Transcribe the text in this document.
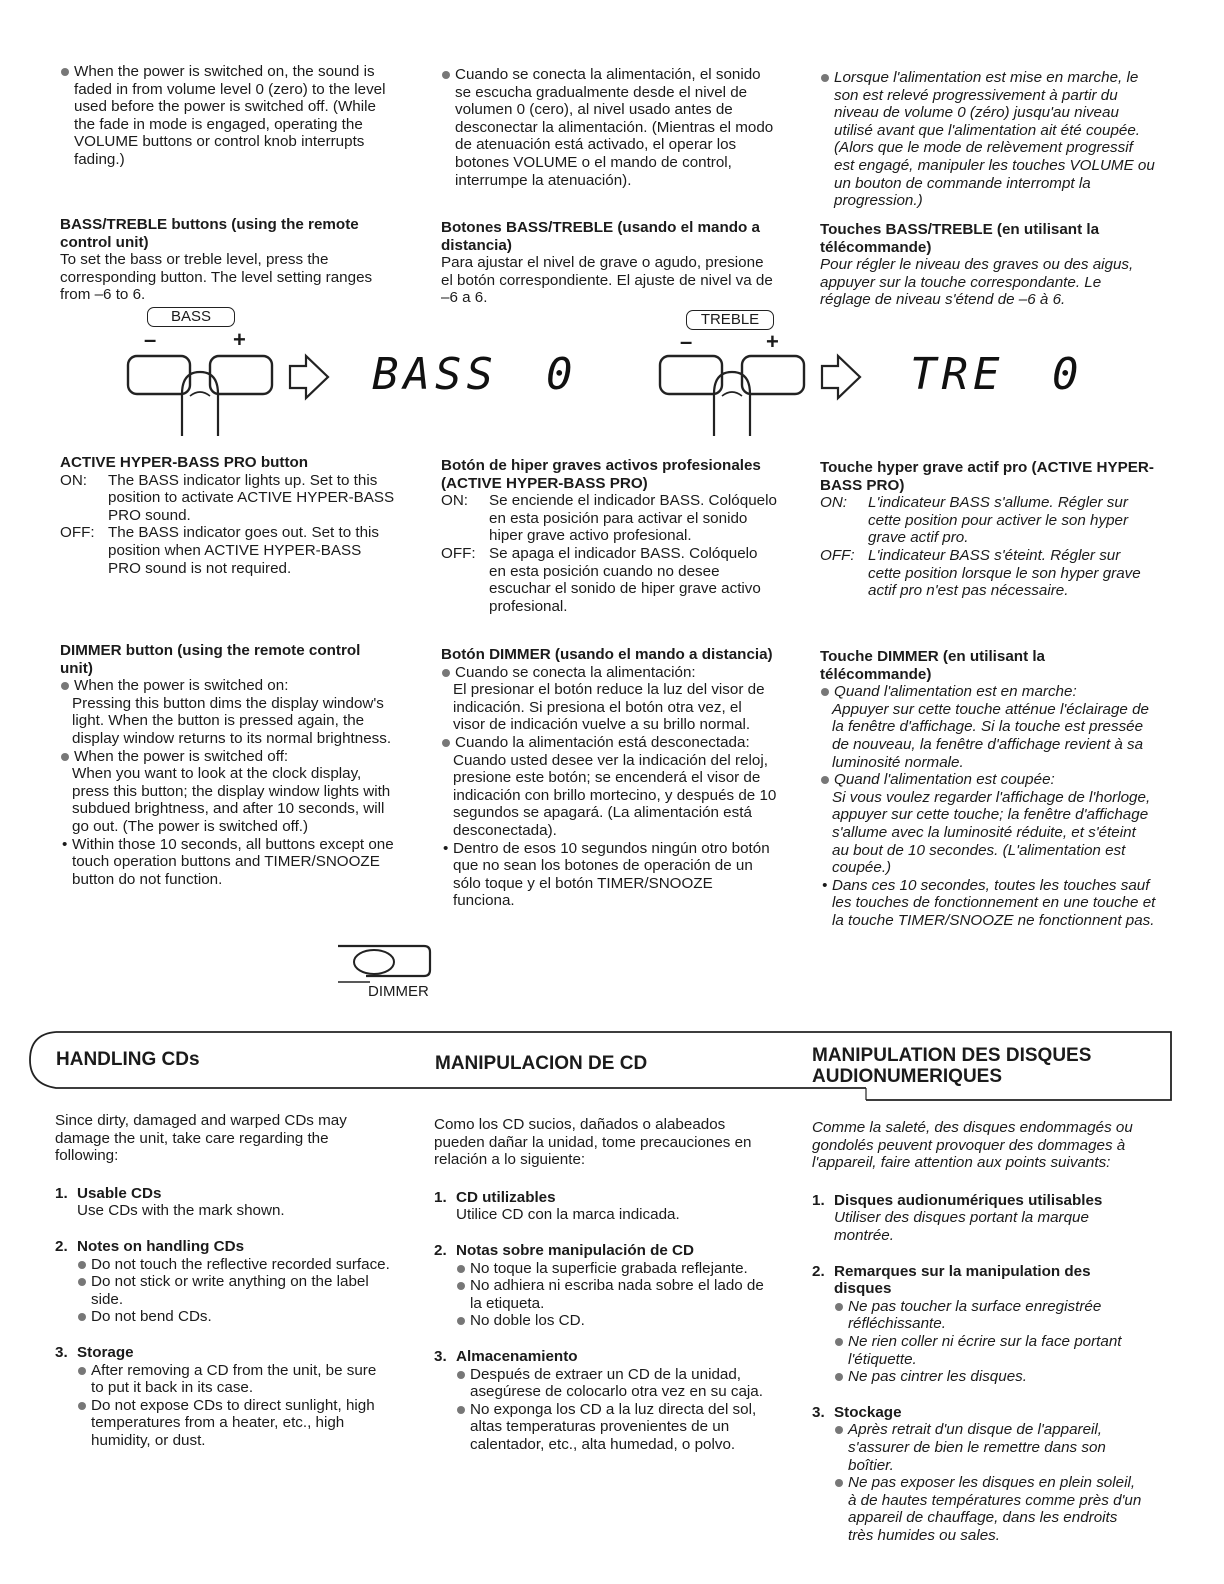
When the power is switched on, the sound is faded in from volume level 0 (zero) to the level used before the power is switched off. (While the fade in mode is engaged, operating the VOLUME buttons or control knob interrupts fading.)

Cuando se conecta la alimentación, el sonido se escucha gradualmente desde el nivel de volumen 0 (cero), al nivel usado antes de desconectar la alimentación. (Mientras el modo de atenuación está activado, el operar los botones VOLUME o el mando de control, interrumpe la atenuación).

Lorsque l'alimentation est mise en marche, le son est relevé progressivement à partir du niveau de volume 0 (zéro) jusqu'au niveau utilisé avant que l'alimentation ait été coupée. (Alors que le mode de relèvement progressif est engagé, manipuler les touches VOLUME ou un bouton de commande interrompt la progression.)

BASS/TREBLE buttons (using the remote control unit)

To set the bass or treble level, press the corresponding button. The level setting ranges from –6 to 6.

Botones BASS/TREBLE (usando el mando a distancia)

Para ajustar el nivel de grave o agudo, presione el botón correspondiente. El ajuste de nivel va de –6 a 6.

Touches BASS/TREBLE (en utilisant la télécommande)

Pour régler le niveau des graves ou des aigus, appuyer sur la touche correspondante. Le réglage de niveau s'étend de –6 à 6.

BASS
–	+
BASS 0
TREBLE
–	+
TRE 0

ACTIVE HYPER-BASS PRO button

ON:	The BASS indicator lights up. Set to this position to activate ACTIVE HYPER-BASS PRO sound.
OFF: The BASS indicator goes out. Set to this position when ACTIVE HYPER-BASS PRO sound is not required.

Botón de hiper graves activos profesionales (ACTIVE HYPER-BASS PRO)

ON:	Se enciende el indicador BASS. Colóquelo en esta posición para activar el sonido hiper grave activo profesional.
OFF: Se apaga el indicador BASS. Colóquelo en esta posición cuando no desee escuchar el sonido de hiper grave activo profesional.

Touche hyper grave actif pro (ACTIVE HYPER-BASS PRO)

ON:	L'indicateur BASS s'allume. Régler sur cette position pour activer le son hyper grave actif pro.
OFF: L'indicateur BASS s'éteint. Régler sur cette position lorsque le son hyper grave actif pro n'est pas nécessaire.

DIMMER button (using the remote control unit)

When the power is switched on:

Pressing this button dims the display window's light. When the button is pressed again, the display window returns to its normal brightness.

When the power is switched off:

When you want to look at the clock display, press this button; the display window lights with subdued brightness, and after 10 seconds, will go out. (The power is switched off.)

• Within those 10 seconds, all buttons except one touch operation buttons and TIMER/SNOOZE button do not function.

Botón DIMMER (usando el mando a distancia)

Cuando se conecta la alimentación:

El presionar el botón reduce la luz del visor de indicación. Si presiona el botón otra vez, el visor de indicación vuelve a su brillo normal.

Cuando la alimentación está desconectada:

Cuando usted desee ver la indicación del reloj, presione este botón; se encenderá el visor de indicación con brillo mortecino, y después de 10 segundos se apagará. (La alimentación está desconectada).

• Dentro de esos 10 segundos ningún otro botón que no sean los botones de operación de un sólo toque y el botón TIMER/SNOOZE funciona.

Touche DIMMER (en utilisant la télécommande)

Quand l'alimentation est en marche:

Appuyer sur cette touche atténue l'éclairage de la fenêtre d'affichage. Si la touche est pressée de nouveau, la fenêtre d'affichage revient à sa luminosité normale.

Quand l'alimentation est coupée:

Si vous voulez regarder l'affichage de l'horloge, appuyer sur cette touche; la fenêtre d'affichage s'allume avec la luminosité réduite, et s'éteint au bout de 10 secondes. (L'alimentation est coupée.)

• Dans ces 10 secondes, toutes les touches sauf les touches de fonctionnement en une touche et la touche TIMER/SNOOZE ne fonctionnent pas.

DIMMER
HANDLING CDs	MANIPULACION DE CD	MANIPULATION DES DISQUES AUDIONUMERIQUES

Since dirty, damaged and warped CDs may damage the unit, take care regarding the following:

1. Usable CDs
Use CDs with the mark shown.
2. Notes on handling CDs

Do not touch the reflective recorded surface.

Do not stick or write anything on the label side.

Do not bend CDs.

3. Storage

After removing a CD from the unit, be sure to put it back in its case.

Do not expose CDs to direct sunlight, high temperatures from a heater, etc., high humidity, or dust.

Como los CD sucios, dañados o alabeados pueden dañar la unidad, tome precauciones en relación a lo siguiente:

1. CD utilizables
Utilice CD con la marca indicada.
2. Notas sobre manipulación de CD

No toque la superficie grabada reflejante.

No adhiera ni escriba nada sobre el lado de la etiqueta.

No doble los CD.

3. Almacenamiento

Después de extraer un CD de la unidad, asegúrese de colocarlo otra vez en su caja.

No exponga los CD a la luz directa del sol, altas temperaturas provenientes de un calentador, etc., alta humedad, o polvo.

Comme la saleté, des disques endommagés ou gondolés peuvent provoquer des dommages à l'appareil, faire attention aux points suivants:

1. Disques audionumériques utilisables
Utiliser des disques portant la marque montrée.
2. Remarques sur la manipulation des disques

Ne pas toucher la surface enregistrée réfléchissante.

Ne rien coller ni écrire sur la face portant l'étiquette.

Ne pas cintrer les disques.

3. Stockage

Après retrait d'un disque de l'appareil, s'assurer de bien le remettre dans son boîtier.

Ne pas exposer les disques en plein soleil, à de hautes températures comme près d'un appareil de chauffage, dans les endroits très humides ou sales.
